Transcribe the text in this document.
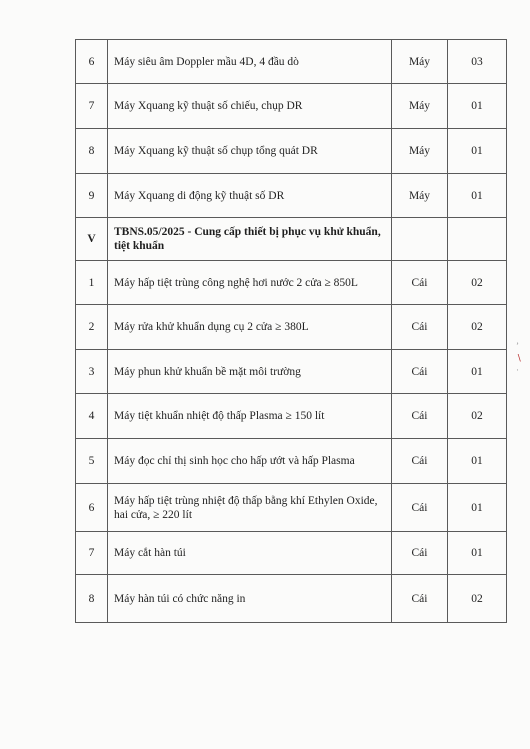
6	Máy siêu âm Doppler mầu 4D, 4 đầu dò	Máy	03
7	Máy Xquang kỹ thuật số chiếu, chụp DR	Máy	01
8	Máy Xquang kỹ thuật số chụp tổng quát DR	Máy	01
9	Máy Xquang di động kỹ thuật số DR	Máy	01
V	TBNS.05/2025 - Cung cấp thiết bị phục vụ khử khuẩn, tiệt khuẩn		
1	Máy hấp tiệt trùng công nghệ hơi nước 2 cửa ≥ 850L	Cái	02
2	Máy rửa khử khuẩn dụng cụ 2 cửa ≥ 380L	Cái	02
3	Máy phun khử khuẩn bề mặt môi trường	Cái	01
4	Máy tiệt khuẩn nhiệt độ thấp Plasma ≥ 150 lít	Cái	02
5	Máy đọc chỉ thị sinh học cho hấp ướt và hấp Plasma	Cái	01
6	Máy hấp tiệt trùng nhiệt độ thấp bằng khí Ethylen Oxide, hai cửa, ≥ 220 lít	Cái	01
7	Máy cắt hàn túi	Cái	01
8	Máy hàn túi có chức năng in	Cái	02
’
∖
·
